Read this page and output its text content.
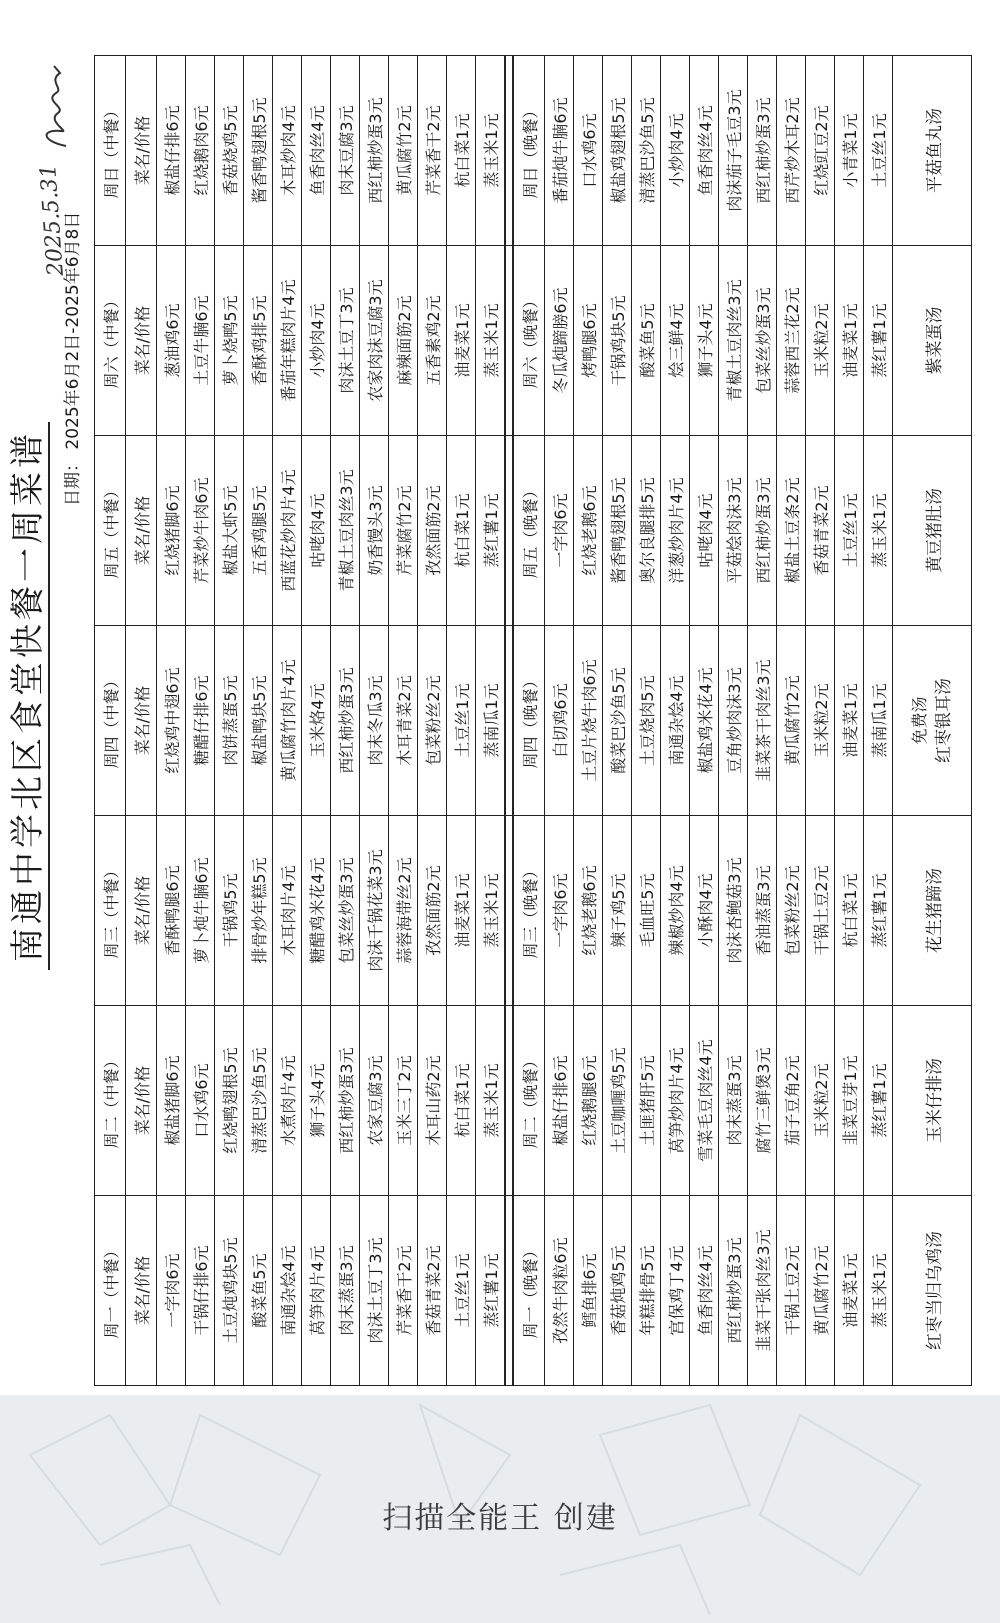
南通中学北区食堂快餐一周菜谱
日期： 2025年6月2日-2025年6月8日
2025.5.31
周一（中餐）	周二（中餐）	周三（中餐）	周四（中餐）	周五（中餐）	周六（中餐）	周日（中餐）
菜名/价格	菜名/价格	菜名/价格	菜名/价格	菜名/价格	菜名/价格	菜名/价格
一字肉6元	椒盐猪脚6元	香酥鸭腿6元	红烧鸡中翅6元	红烧猪脚6元	葱油鸡6元	椒盐仔排6元
干锅仔排6元	口水鸡6元	萝卜炖牛腩6元	糖醋仔排6元	芹菜炒牛肉6元	土豆牛腩6元	红烧鹅肉6元
土豆炖鸡块5元	红烧鸭翅根5元	干锅鸡5元	肉饼蒸蛋5元	椒盐大虾5元	萝卜烧鸭5元	香菇烧鸡5元
酸菜鱼5元	清蒸巴沙鱼5元	排骨炒年糕5元	椒盐鸭块5元	五香鸡腿5元	香酥鸡排5元	酱香鸭翅根5元
南通杂烩4元	水煮肉片4元	木耳肉片4元	黄瓜腐竹肉片4元	西蓝花炒肉片4元	番茄年糕肉片4元	木耳炒肉4元
莴笋肉片4元	狮子头4元	糖醋鸡米花4元	玉米烙4元	咕咾肉4元	小炒肉4元	鱼香肉丝4元
肉末蒸蛋3元	西红柿炒蛋3元	包菜丝炒蛋3元	西红柿炒蛋3元	青椒土豆肉丝3元	肉沫土豆丁3元	肉末豆腐3元
肉沫土豆丁3元	农家豆腐3元	肉沫千锅花菜3元	肉末冬瓜3元	奶香馒头3元	农家肉沫豆腐3元	西红柿炒蛋3元
芹菜香干2元	玉米三丁2元	蒜蓉海带丝2元	木耳青菜2元	芹菜腐竹2元	麻辣面筋2元	黄瓜腐竹2元
香菇青菜2元	木耳山药2元	孜然面筋2元	包菜粉丝2元	孜然面筋2元	五香素鸡2元	芹菜香干2元
土豆丝1元	杭白菜1元	油麦菜1元	土豆丝1元	杭白菜1元	油麦菜1元	杭白菜1元
蒸红薯1元	蒸玉米1元	蒸玉米1元	蒸南瓜1元	蒸红薯1元	蒸玉米1元	蒸玉米1元

周一（晚餐）	周二（晚餐）	周三（晚餐）	周四（晚餐）	周五（晚餐）	周六（晚餐）	周日（晚餐）
孜然牛肉粒6元	椒盐仔排6元	一字肉6元	白切鸡6元	一字肉6元	冬瓜炖蹄膀6元	番茄炖牛腩6元
鳕鱼排6元	红烧鹅腿6元	红烧老鹅6元	土豆片烧牛肉6元	红烧老鹅6元	烤鸭腿6元	口水鸡6元
香菇炖鸡5元	土豆咖喱鸡5元	辣子鸡5元	酸菜巴沙鱼5元	酱香鸭翅根5元	干锅鸡块5元	椒盐鸡翅根5元
年糕排骨5元	土匪猪肝5元	毛血旺5元	土豆烧肉5元	奥尔良腿排5元	酸菜鱼5元	清蒸巴沙鱼5元
宫保鸡丁4元	莴笋炒肉片4元	辣椒炒肉4元	南通杂烩4元	洋葱炒肉片4元	烩三鲜4元	小炒肉4元
鱼香肉丝4元	雪菜毛豆肉丝4元	小酥肉4元	椒盐鸡米花4元	咕咾肉4元	狮子头4元	鱼香肉丝4元
西红柿炒蛋3元	肉末蒸蛋3元	肉沫杏鲍菇3元	豆角炒肉沫3元	平菇烩肉沫3元	青椒土豆肉丝3元	肉沫茄子毛豆3元
韭菜干张肉丝3元	腐竹三鲜煲3元	香油蒸蛋3元	韭菜茶干肉丝3元	西红柿炒蛋3元	包菜丝炒蛋3元	西红柿炒蛋3元
干锅土豆2元	茄子豆角2元	包菜粉丝2元	黄瓜腐竹2元	椒盐土豆条2元	蒜蓉西兰花2元	西芹炒木耳2元
黄瓜腐竹2元	玉米粒2元	干锅土豆2元	玉米粒2元	香菇青菜2元	玉米粒2元	红烧豇豆2元
油麦菜1元	韭菜豆芽1元	杭白菜1元	油麦菜1元	土豆丝1元	油麦菜1元	小青菜1元
蒸玉米1元	蒸红薯1元	蒸红薯1元	蒸南瓜1元	蒸玉米1元	蒸红薯1元	土豆丝1元
红枣当归乌鸡汤	玉米仔排汤	花生猪蹄汤	免费汤 红枣银耳汤	黄豆猪肚汤	紫菜蛋汤	平菇鱼丸汤
扫描全能王 创建
